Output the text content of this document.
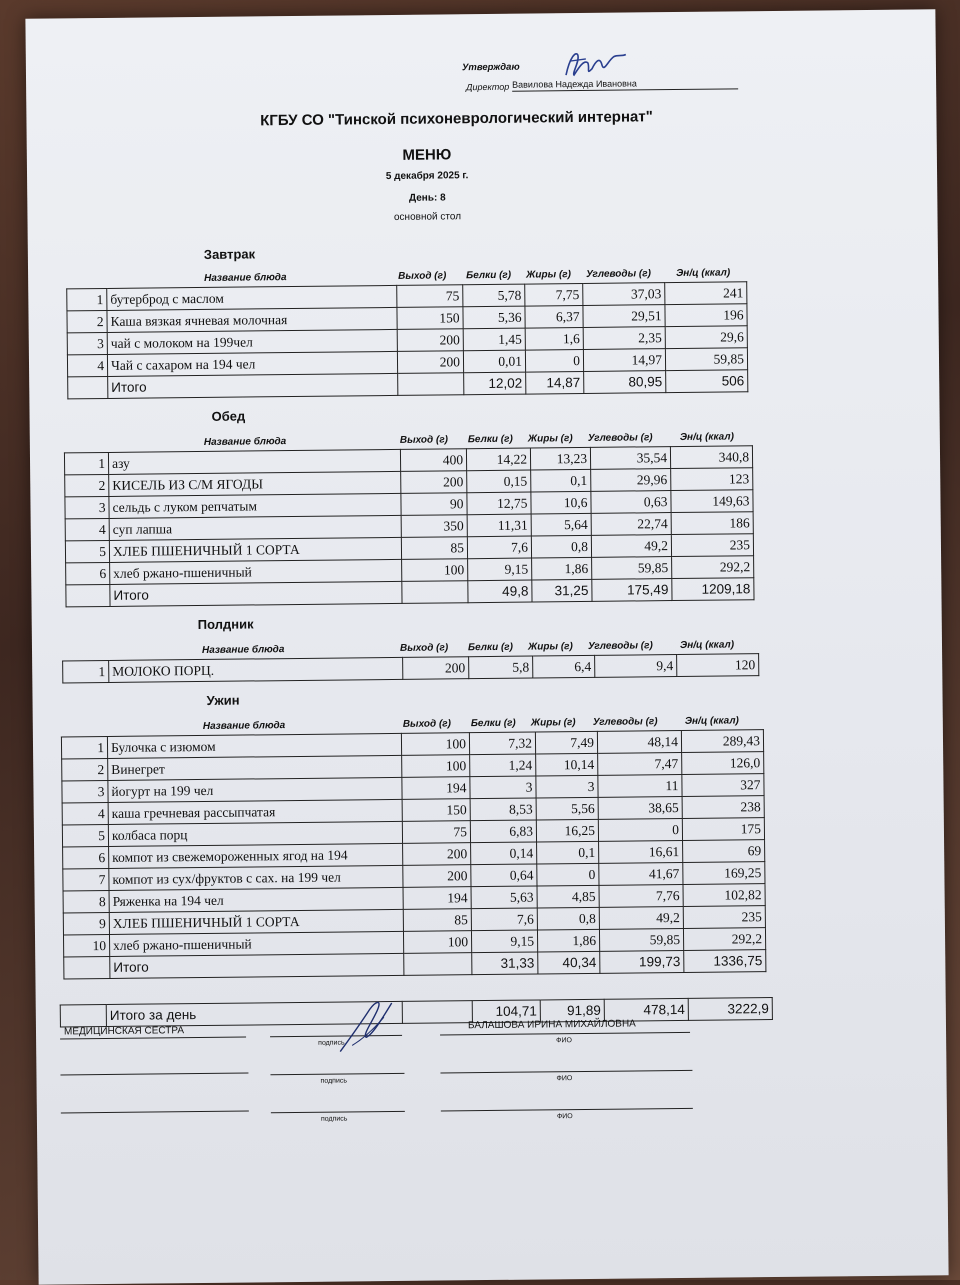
Утверждаю
Директор Вавилова Надежда Ивановна
КГБУ СО "Тинской психоневрологический интернат"
МЕНЮ
5 декабря 2025 г.
День: 8
основной стол
Завтрак
Название блюда	Выход (г) Белки (г) Жиры (г) Углеводы (г)	Эн/ц (ккал)
1	бутерброд с маслом	75	5,78	7,75	37,03	241
2	Каша вязкая ячневая молочная	150	5,36	6,37	29,51	196
3	чай с молоком на 199чел	200	1,45	1,6	2,35	29,6
4	Чай с сахаром на 194 чел	200	0,01	0	14,97	59,85
	Итого		12,02	14,87	80,95	506
Обед
Название блюда	Выход (г) Белки (г) Жиры (г) Углеводы (г)	Эн/ц (ккал)
1	азу	400	14,22	13,23	35,54	340,8
2	КИСЕЛЬ ИЗ С/М ЯГОДЫ	200	0,15	0,1	29,96	123
3	сельдь с луком репчатым	90	12,75	10,6	0,63	149,63
4	суп лапша	350	11,31	5,64	22,74	186
5	ХЛЕБ ПШЕНИЧНЫЙ 1 СОРТА	85	7,6	0,8	49,2	235
6	хлеб ржано-пшеничный	100	9,15	1,86	59,85	292,2
	Итого		49,8	31,25	175,49	1209,18
Полдник
Название блюда	Выход (г) Белки (г) Жиры (г) Углеводы (г)	Эн/ц (ккал)
1	МОЛОКО ПОРЦ.	200	5,8	6,4	9,4	120
Ужин
Название блюда	Выход (г) Белки (г) Жиры (г) Углеводы (г)	Эн/ц (ккал)
1	Булочка с изюмом	100	7,32	7,49	48,14	289,43
2	Винегрет	100	1,24	10,14	7,47	126,0
3	йогурт на 199 чел	194	3	3	11	327
4	каша гречневая рассыпчатая	150	8,53	5,56	38,65	238
5	колбаса порц	75	6,83	16,25	0	175
6	компот из свежемороженных ягод на 194	200	0,14	0,1	16,61	69
7	компот из сух/фруктов с сах. на 199 чел	200	0,64	0	41,67	169,25
8	Ряженка на 194 чел	194	5,63	4,85	7,76	102,82
9	ХЛЕБ ПШЕНИЧНЫЙ 1 СОРТА	85	7,6	0,8	49,2	235
10	хлеб ржано-пшеничный	100	9,15	1,86	59,85	292,2
	Итого		31,33	40,34	199,73	1336,75
	Итого за день		104,71	91,89	478,14	3222,9
МЕДИЦИНСКАЯ СЕСТРА
БАЛАШОВА ИРИНА МИХАЙЛОВНА
подпись	ФИО
подпись	ФИО
подпись	ФИО
